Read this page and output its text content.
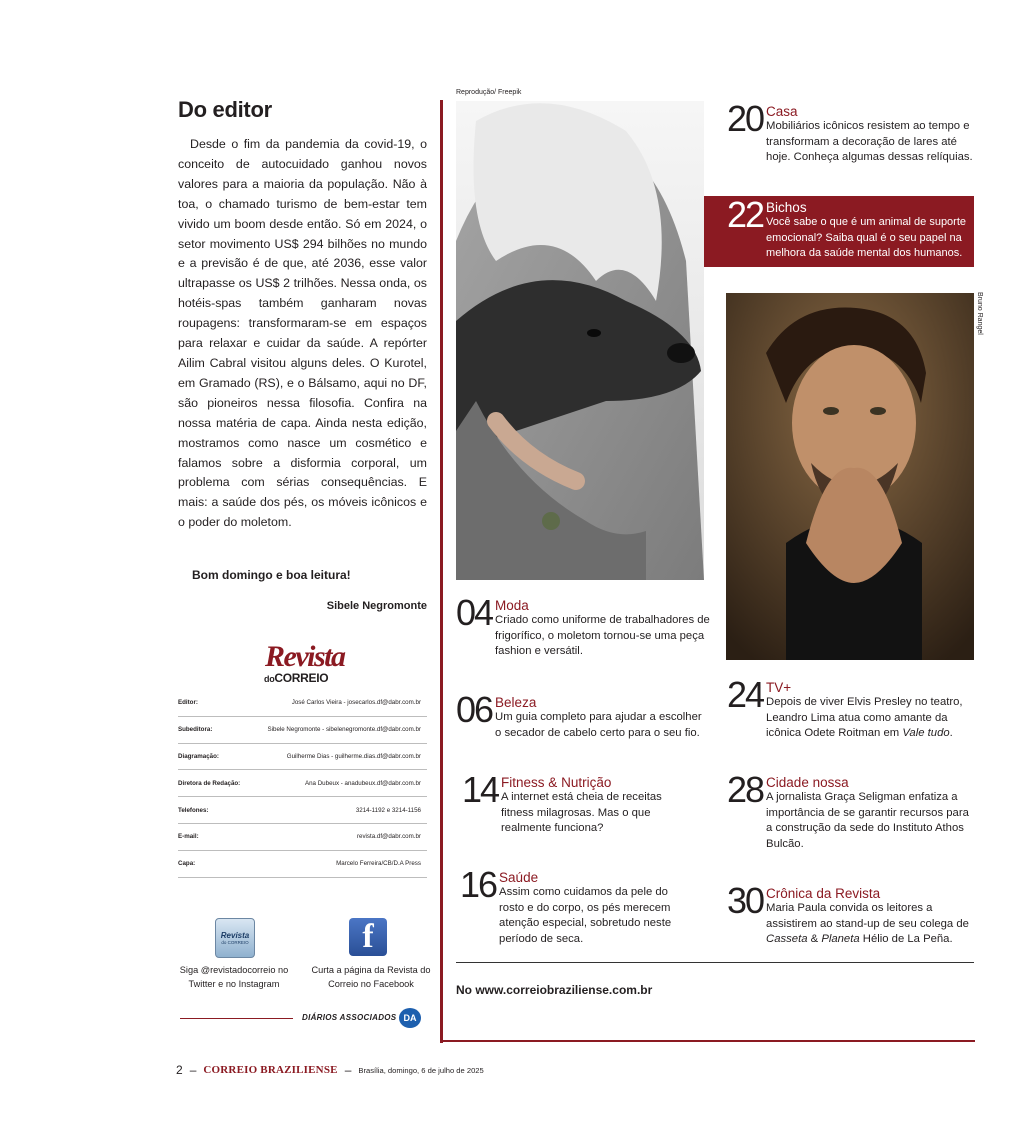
Do editor

Desde o fim da pandemia da covid-19, o conceito de autocuidado ganhou novos valores para a maioria da população. Não à toa, o chamado turismo de bem-estar tem vivido um boom desde então. Só em 2024, o setor movimento US$ 294 bilhões no mundo e a previsão é de que, até 2036, esse valor ultrapasse os US$ 2 trilhões. Nessa onda, os hotéis-spas também ganharam novas roupagens: transformaram-se em espaços para relaxar e cuidar da saúde. A repórter Ailim Cabral visitou alguns deles. O Kurotel, em Gramado (RS), e o Bálsamo, aqui no DF, são pioneiros nessa filosofia. Confira na nossa matéria de capa. Ainda nesta edição, mostramos como nasce um cosmético e falamos sobre a disformia corporal, um problema com sérias consequências. E mais: a saúde dos pés, os móveis icônicos e o poder do moletom.

Bom domingo e boa leitura!
Sibele Negromonte
Revista
doCORREIO
Editor:	José Carlos Vieira - josecarlos.df@dabr.com.br
Subeditora:	Sibele Negromonte - sibelenegromonte.df@dabr.com.br
Diagramação:	Guilherme Dias - guilherme.dias.df@dabr.com.br
Diretora de Redação:	Ana Dubeux - anadubeux.df@dabr.com.br
Telefones:	3214-1192 e 3214-1156
E-mail:	revista.df@dabr.com.br
Capa:	Marcelo Ferreira/CB/D.A Press
Revista
do CORREIO	f
Siga @revistadocorreio no Twitter e no Instagram
Curta a página da Revista do Correio no Facebook
DIÁRIOS ASSOCIADOS DA
2 – CORREIO BRAZILIENSE – Brasília, domingo, 6 de julho de 2025
Reprodução/ Freepik
Bruno Rangel
20 Casa
Mobiliários icônicos resistem ao tempo e transformam a decoração de lares até hoje. Conheça algumas dessas relíquias.
22 Bichos
Você sabe o que é um animal de suporte emocional? Saiba qual é o seu papel na melhora da saúde mental dos humanos.
04 Moda
Criado como uniforme de trabalhadores de frigorífico, o moletom tornou-se uma peça fashion e versátil.
06 Beleza
Um guia completo para ajudar a escolher o secador de cabelo certo para o seu fio.
14 Fitness & Nutrição
A internet está cheia de receitas fitness milagrosas. Mas o que realmente funciona?
16 Saúde
Assim como cuidamos da pele do rosto e do corpo, os pés merecem atenção especial, sobretudo neste período de seca.
24 TV+
Depois de viver Elvis Presley no teatro, Leandro Lima atua como amante da icônica Odete Roitman em Vale tudo.
28 Cidade nossa
A jornalista Graça Seligman enfatiza a importância de se garantir recursos para a construção da sede do Instituto Athos Bulcão.
30 Crônica da Revista
Maria Paula convida os leitores a assistirem ao stand-up de seu colega de Casseta & Planeta Hélio de La Peña.
No www.correiobraziliense.com.br
